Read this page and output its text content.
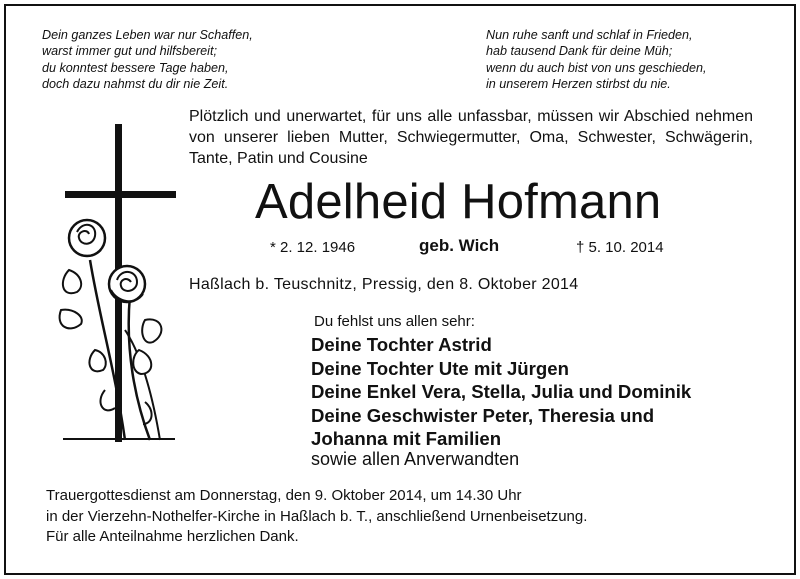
Dein ganzes Leben war nur Schaffen,
warst immer gut und hilfsbereit;
du konntest bessere Tage haben,
doch dazu nahmst du dir nie Zeit.
Nun ruhe sanft und schlaf in Frieden,
hab tausend Dank für deine Müh;
wenn du auch bist von uns geschieden,
in unserem Herzen stirbst du nie.
Plötzlich und unerwartet, für uns alle unfassbar, müssen wir Abschied nehmen von unserer lieben Mutter, Schwiegermutter, Oma, Schwester, Schwägerin, Tante, Patin und Cousine
Adelheid Hofmann
* 2. 12. 1946	geb. Wich	† 5. 10. 2014
Haßlach b. Teuschnitz, Pressig, den 8. Oktober 2014
Du fehlst uns allen sehr:
Deine Tochter Astrid
Deine Tochter Ute mit Jürgen
Deine Enkel Vera, Stella, Julia und Dominik
Deine Geschwister Peter, Theresia und
Johanna mit Familien
sowie allen Anverwandten
Trauergottesdienst am Donnerstag, den 9. Oktober 2014, um 14.30 Uhr
in der Vierzehn-Nothelfer-Kirche in Haßlach b. T., anschließend Urnenbeisetzung.
Für alle Anteilnahme herzlichen Dank.
